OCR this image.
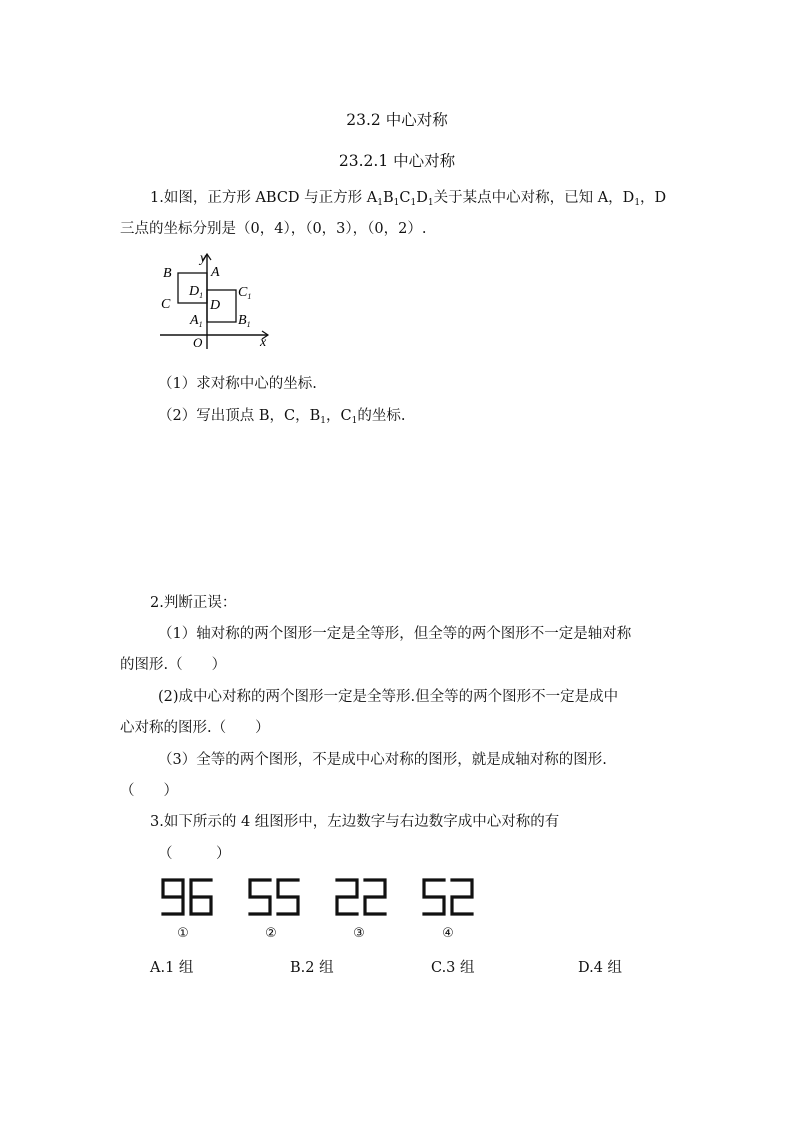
23.2 中心对称
23.2.1 中心对称
1.如图，正方形 ABCD 与正方形 $A_1B_1C_1D_1$关于某点中心对称，已知 A，$D_1$，D
三点的坐标分别是（0，4），（0，3），（0，2）.
y
x
O
B	A
C
$D_1$
D
$C_1$
$A_1$	$B_1$
（1）求对称中心的坐标.
（2）写出顶点 B，C，$B_1$，$C_1$的坐标.
2.判断正误：
（1）轴对称的两个图形一定是全等形，但全等的两个图形不一定是轴对称
的图形.（　　）
(2)成中心对称的两个图形一定是全等形.但全等的两个图形不一定是成中
心对称的图形.（　　）
（3）全等的两个图形，不是成中心对称的图形，就是成轴对称的图形.
（　　）
3.如下所示的 4 组图形中，左边数字与右边数字成中心对称的有
（　　　）
①	②	③	④
A.1 组	B.2 组	C.3 组	D.4 组
